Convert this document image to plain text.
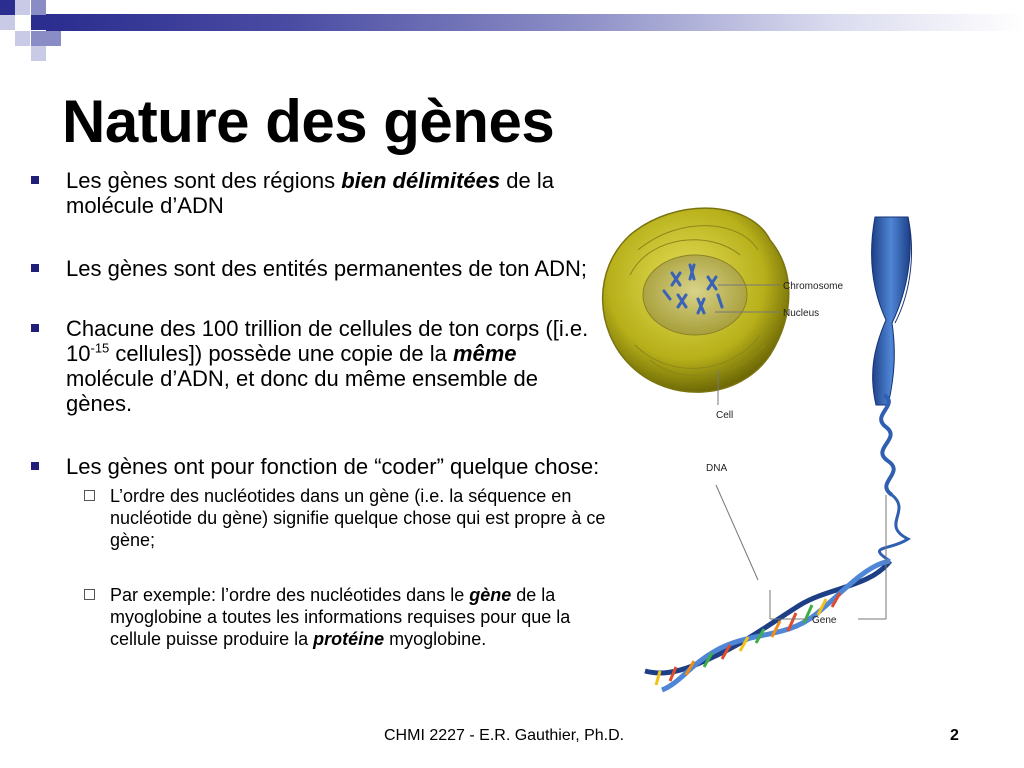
Nature des gènes
Les gènes sont des régions bien délimitées de la molécule d’ADN
Les gènes sont des entités permanentes de ton ADN;
Chacune des 100 trillion de cellules de ton corps ([i.e. $10^{-15}$ cellules]) possède une copie de la même molécule d’ADN, et donc du même ensemble de gènes.
Les gènes ont pour fonction de “coder” quelque chose:
L’ordre des nucléotides dans un gène (i.e. la séquence en nucléotide du gène) signifie quelque chose qui est propre à ce gène;
Par exemple: l’ordre des nucléotides dans le gène de la myoglobine a toutes les informations requises pour que la cellule puisse produire la protéine myoglobine.
Chromosome
Nucleus
Cell
DNA
Gene
CHMI 2227 - E.R. Gauthier, Ph.D.	2
